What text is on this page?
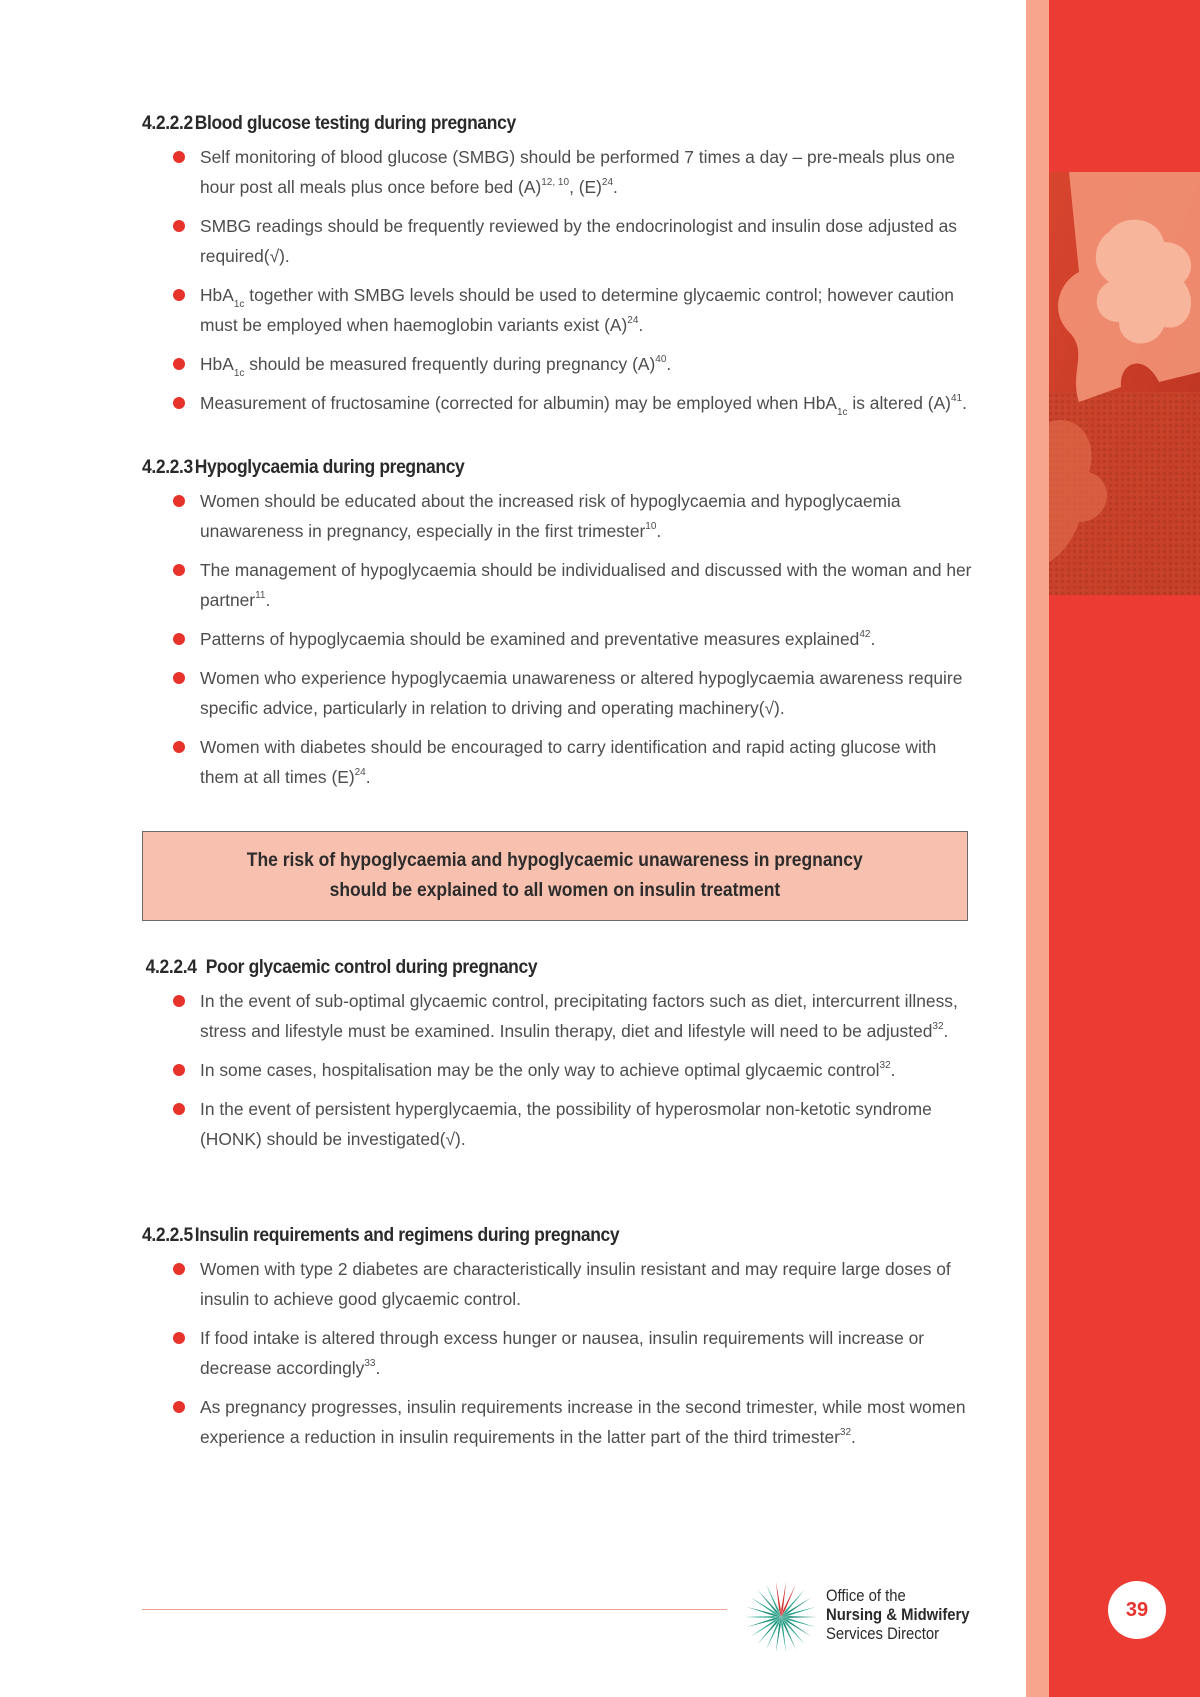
4.2.2.2Blood glucose testing during pregnancy
Self monitoring of blood glucose (SMBG) should be performed 7 times a day – pre-meals plus one hour post all meals plus once before bed $(A)^{12, 10}$, $(E)^{24}$.
SMBG readings should be frequently reviewed by the endocrinologist and insulin dose adjusted as required(√).
HbA$_{1c}$ together with SMBG levels should be used to determine glycaemic control; however caution must be employed when haemoglobin variants exist $(A)^{24}$.
HbA$_{1c}$ should be measured frequently during pregnancy $(A)^{40}$.
Measurement of fructosamine (corrected for albumin) may be employed when HbA$_{1c}$ is altered $(A)^{41}$.
4.2.2.3Hypoglycaemia during pregnancy
Women should be educated about the increased risk of hypoglycaemia and hypoglycaemia unawareness in pregnancy, especially in the first trimester$^{10}$.
The management of hypoglycaemia should be individualised and discussed with the woman and her partner$^{11}$.
Patterns of hypoglycaemia should be examined and preventative measures explained$^{42}$.
Women who experience hypoglycaemia unawareness or altered hypoglycaemia awareness require specific advice, particularly in relation to driving and operating machinery(√).
Women with diabetes should be encouraged to carry identification and rapid acting glucose with them at all times $(E)^{24}$.
The risk of hypoglycaemia and hypoglycaemic unawareness in pregnancy
should be explained to all women on insulin treatment
4.2.2.4 Poor glycaemic control during pregnancy
In the event of sub-optimal glycaemic control, precipitating factors such as diet, intercurrent illness, stress and lifestyle must be examined. Insulin therapy, diet and lifestyle will need to be adjusted$^{32}$.
In some cases, hospitalisation may be the only way to achieve optimal glycaemic control$^{32}$.
In the event of persistent hyperglycaemia, the possibility of hyperosmolar non-ketotic syndrome (HONK) should be investigated(√).
4.2.2.5Insulin requirements and regimens during pregnancy
Women with type 2 diabetes are characteristically insulin resistant and may require large doses of insulin to achieve good glycaemic control.
If food intake is altered through excess hunger or nausea, insulin requirements will increase or decrease accordingly$^{33}$.
As pregnancy progresses, insulin requirements increase in the second trimester, while most women experience a reduction in insulin requirements in the latter part of the third trimester$^{32}$.
Office of the
Nursing & Midwifery
Services Director
39
